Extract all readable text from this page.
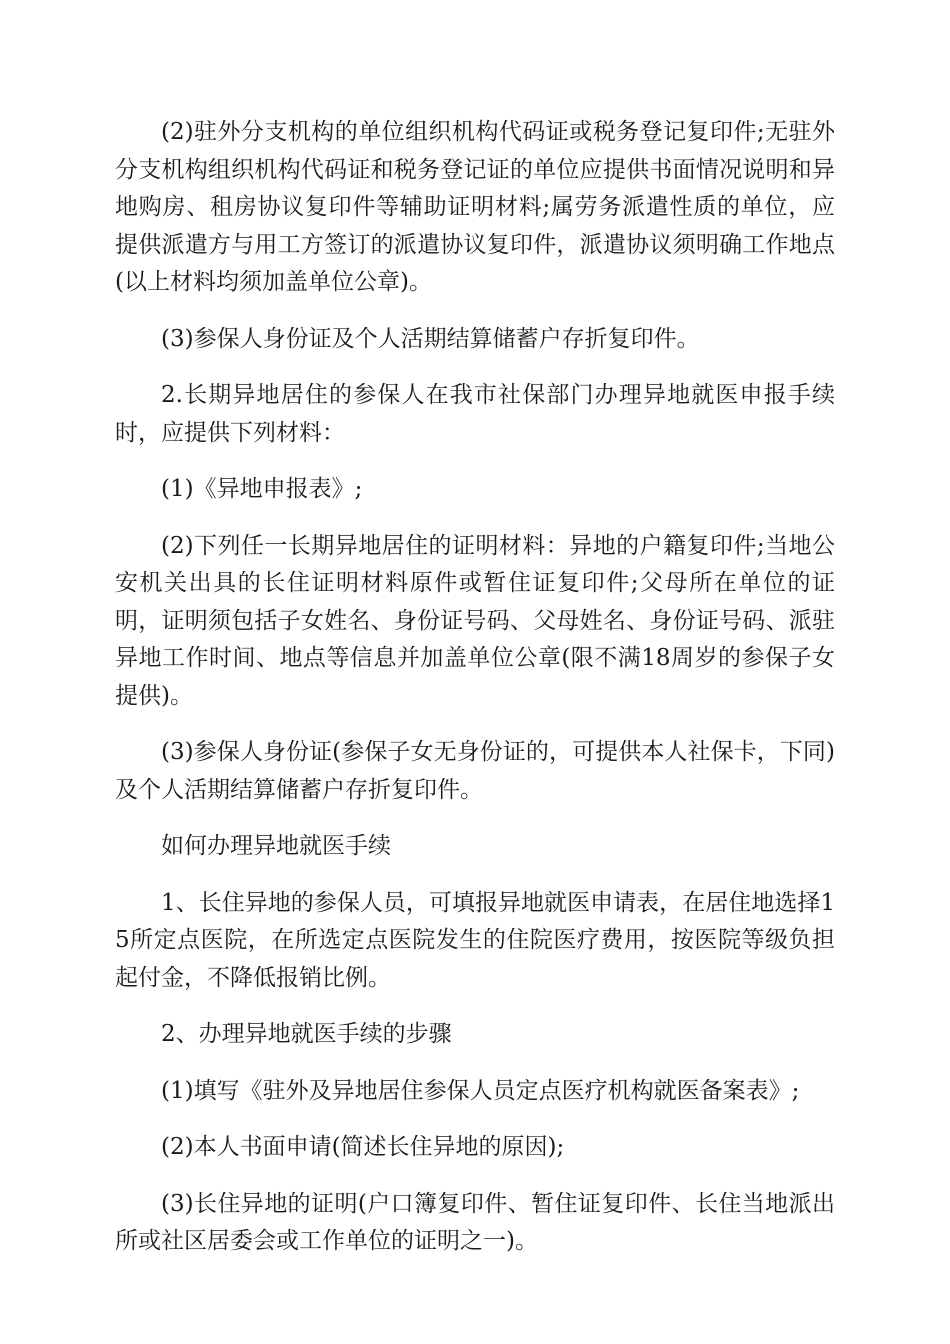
(2)驻外分支机构的单位组织机构代码证或税务登记复印件;无驻外分支机构组织机构代码证和税务登记证的单位应提供书面情况说明和异地购房、租房协议复印件等辅助证明材料;属劳务派遣性质的单位，应提供派遣方与用工方签订的派遣协议复印件，派遣协议须明确工作地点(以上材料均须加盖单位公章)。

(3)参保人身份证及个人活期结算储蓄户存折复印件。

2.长期异地居住的参保人在我市社保部门办理异地就医申报手续时，应提供下列材料：

(1)《异地申报表》;

(2)下列任一长期异地居住的证明材料：异地的户籍复印件;当地公安机关出具的长住证明材料原件或暂住证复印件;父母所在单位的证明，证明须包括子女姓名、身份证号码、父母姓名、身份证号码、派驻异地工作时间、地点等信息并加盖单位公章(限不满18周岁的参保子女提供)。

(3)参保人身份证(参保子女无身份证的，可提供本人社保卡，下同)及个人活期结算储蓄户存折复印件。

如何办理异地就医手续

1、长住异地的参保人员，可填报异地就医申请表，在居住地选择15所定点医院，在所选定点医院发生的住院医疗费用，按医院等级负担起付金，不降低报销比例。

2、办理异地就医手续的步骤

(1)填写《驻外及异地居住参保人员定点医疗机构就医备案表》;

(2)本人书面申请(简述长住异地的原因);

(3)长住异地的证明(户口簿复印件、暂住证复印件、长住当地派出所或社区居委会或工作单位的证明之一)。
